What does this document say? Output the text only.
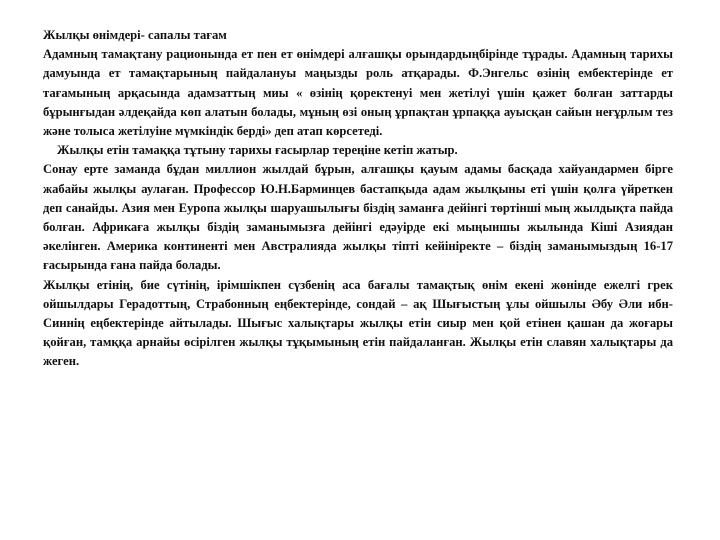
Жылқы өнімдері- сапалы тағам

Адамның тамақтану рационында ет пен ет өнімдері алғашқы орындардыңбірінде тұрады. Адамның тарихы дамуында ет тамақтарының пайдалануы маңызды роль атқарады. Ф.Энгельс өзінің ембектерінде ет тағамының арқасында адамзаттың миы « өзінің қоректенуі мен жетілуі үшін қажет болған заттарды бұрынғыдан әлдеқайда көп алатын болады, мұның өзі оның ұрпақтан ұрпаққа ауысқан сайын неғұрлым тез және толыса жетілуіне мүмкіндік берді» деп атап көрсетеді.

Жылқы етін тамаққа тұтыну тарихы ғасырлар тереңіне кетіп жатыр.

Сонау ерте заманда бұдан миллион жылдай бұрын, алғашқы қауым адамы басқада хайуандармен бірге жабайы жылқы аулаған. Профессор Ю.Н.Барминцев бастапқыда адам жылқыны еті үшін қолға үйреткен деп санайды. Азия мен Еуропа жылқы шаруашылығы біздің заманға дейінгі төртінші мың жылдықта пайда болған. Африкаға жылқы біздің заманымызға дейінгі едәуірде екі мыңыншы жылында Кіші Азиядан әкелінген. Америка континенті мен Австралияда жылқы тіпті кейініректе – біздің заманымыздың 16-17 ғасырында ғана пайда болады.

Жылқы етінің, бие сүтінің, ірімшікпен сүзбенің аса бағалы тамақтық өнім екені жөнінде ежелгі грек ойшылдары Герадоттың, Страбонның еңбектерінде, сондай – ақ Шығыстың ұлы ойшылы Әбу Әли ибн-Синнің еңбектерінде айтылады. Шығыс халықтары жылқы етін сиыр мен қой етінен қашан да жоғары қойған, тамққа арнайы өсірілген жылқы тұқымының етін пайдаланған. Жылқы етін славян халықтары да жеген.
